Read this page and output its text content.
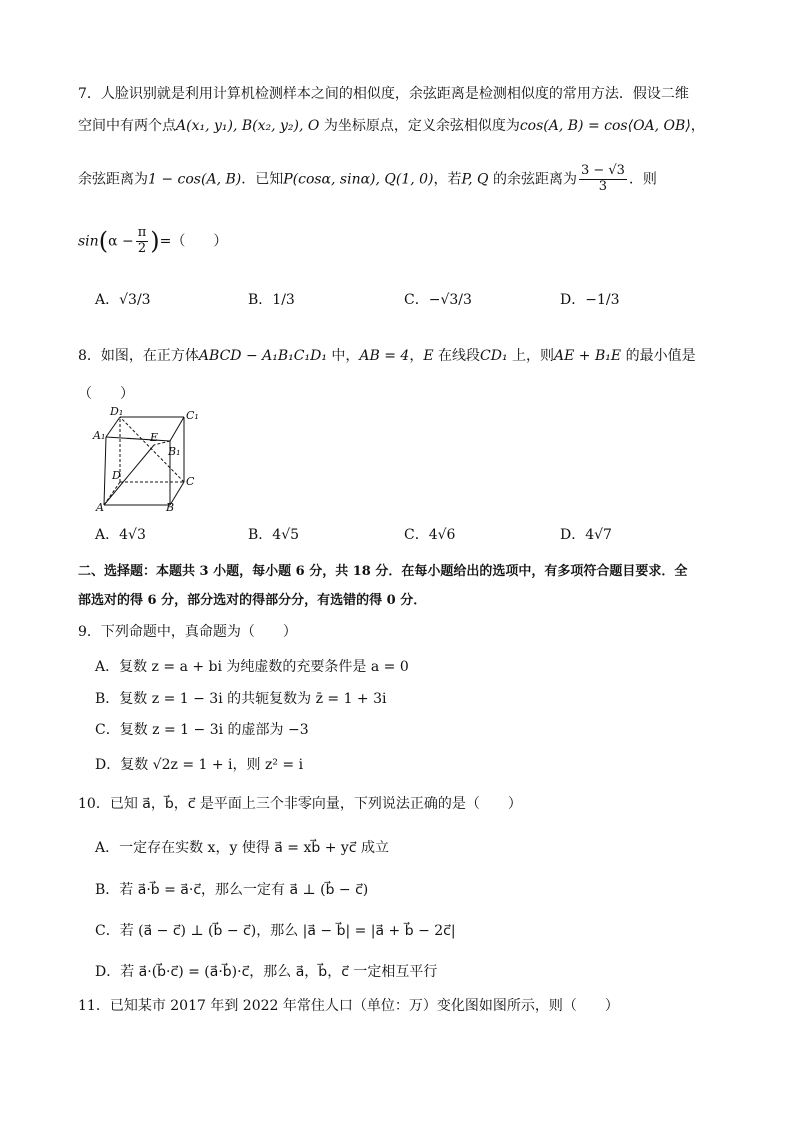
7．人脸识别就是利用计算机检测样本之间的相似度，余弦距离是检测相似度的常用方法．假设二维
空间中有两个点A(x₁, y₁), B(x₂, y₂), O 为坐标原点，定义余弦相似度为cos(A, B) = cos⟨OA, OB⟩，
余弦距离为1 − cos(A, B)．已知P(cosα, sinα), Q(1, 0)，若P, Q 的余弦距离为 $\frac{3 - √3}{3}$ ．则
$\sin(\alpha - \frac{\pi}{2}$ )=（　　）
A．√3/3	B．1/3	C．−√3/3	D．−1/3
8．如图，在正方体ABCD − A₁B₁C₁D₁ 中，AB = 4，E 在线段CD₁ 上，则AE + B₁E 的最小值是
（　　）
D₁	C₁
A₁	E
B₁
D	C
A	B
A．4√3	B．4√5	C．4√6	D．4√7
二、选择题：本题共 3 小题，每小题 6 分，共 18 分．在每小题给出的选项中，有多项符合题目要求．全
部选对的得 6 分，部分选对的得部分分，有选错的得 0 分．
9．下列命题中，真命题为（　　）
A．复数 z = a + bi 为纯虚数的充要条件是 a = 0
B．复数 z = 1 − 3i 的共轭复数为 z̄ = 1 + 3i
C．复数 z = 1 − 3i 的虚部为 −3
D．复数 √2z = 1 + i，则 z² = i
10．已知 a⃗，b⃗，c⃗ 是平面上三个非零向量，下列说法正确的是（　　）
A．一定存在实数 x，y 使得 a⃗ = xb⃗ + yc⃗ 成立
B．若 a⃗·b⃗ = a⃗·c⃗，那么一定有 a⃗ ⊥ (b⃗ − c⃗)
C．若 (a⃗ − c⃗) ⊥ (b⃗ − c⃗)，那么 |a⃗ − b⃗| = |a⃗ + b⃗ − 2c⃗|
D．若 a⃗·(b⃗·c⃗) = (a⃗·b⃗)·c⃗，那么 a⃗，b⃗，c⃗ 一定相互平行
11．已知某市 2017 年到 2022 年常住人口（单位：万）变化图如图所示，则（　　）
